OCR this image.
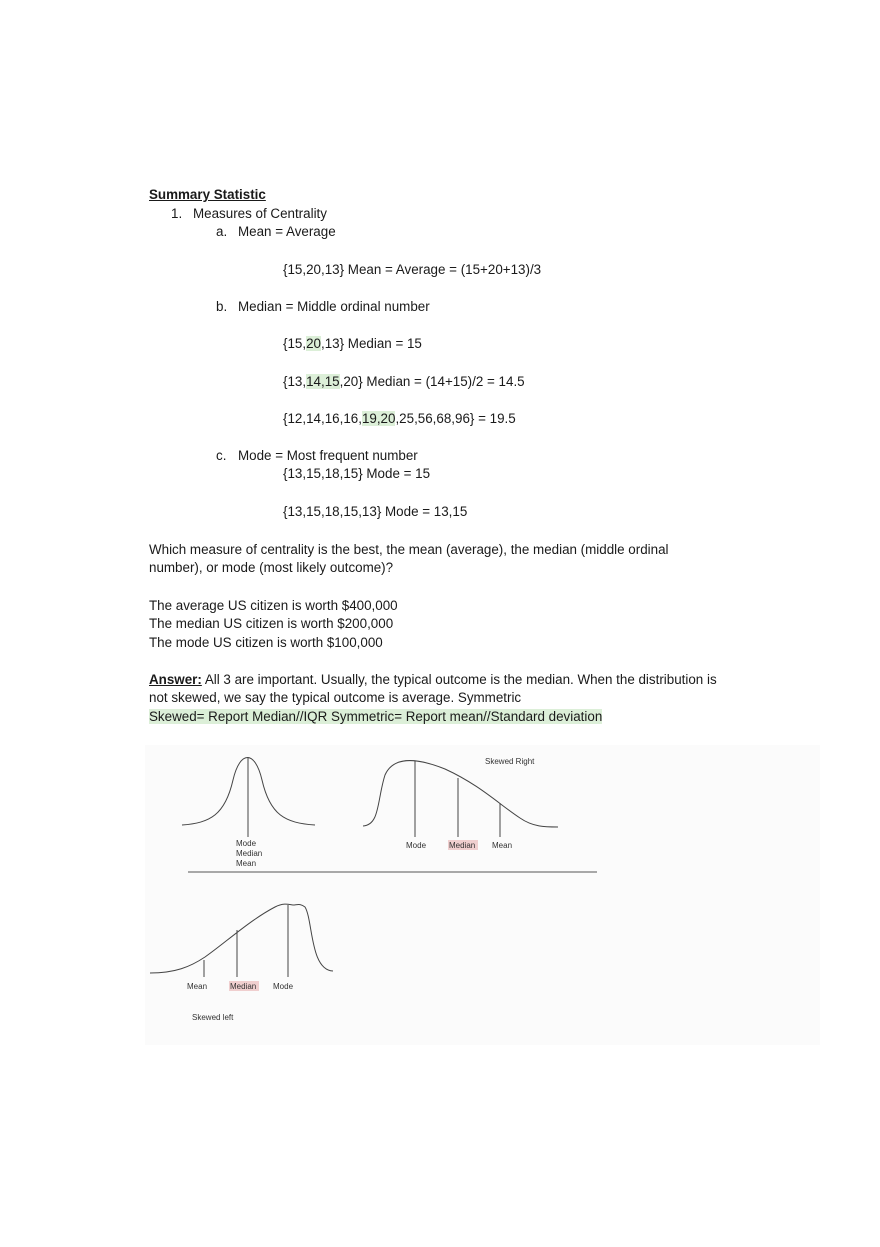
Summary Statistic
1. Measures of Centrality
a. Mean = Average
{15,20,13} Mean = Average = (15+20+13)/3
b. Median = Middle ordinal number
{15,20,13} Median = 15
{13,14,15,20} Median = (14+15)/2 = 14.5
{12,14,16,16,19,20,25,56,68,96} = 19.5
c. Mode = Most frequent number
{13,15,18,15} Mode = 15
{13,15,18,15,13} Mode = 13,15
Which measure of centrality is the best, the mean (average), the median (middle ordinal
number), or mode (most likely outcome)?
The average US citizen is worth $400,000
The median US citizen is worth $200,000
The mode US citizen is worth $100,000
Answer: All 3 are important. Usually, the typical outcome is the median. When the distribution is
not skewed, we say the typical outcome is average. Symmetric
Skewed= Report Median//IQR Symmetric= Report mean//Standard deviation
Mode
Median
Mean
Skewed Right
Mode	Median Mean
Mean	Median Mode
Skewed left
